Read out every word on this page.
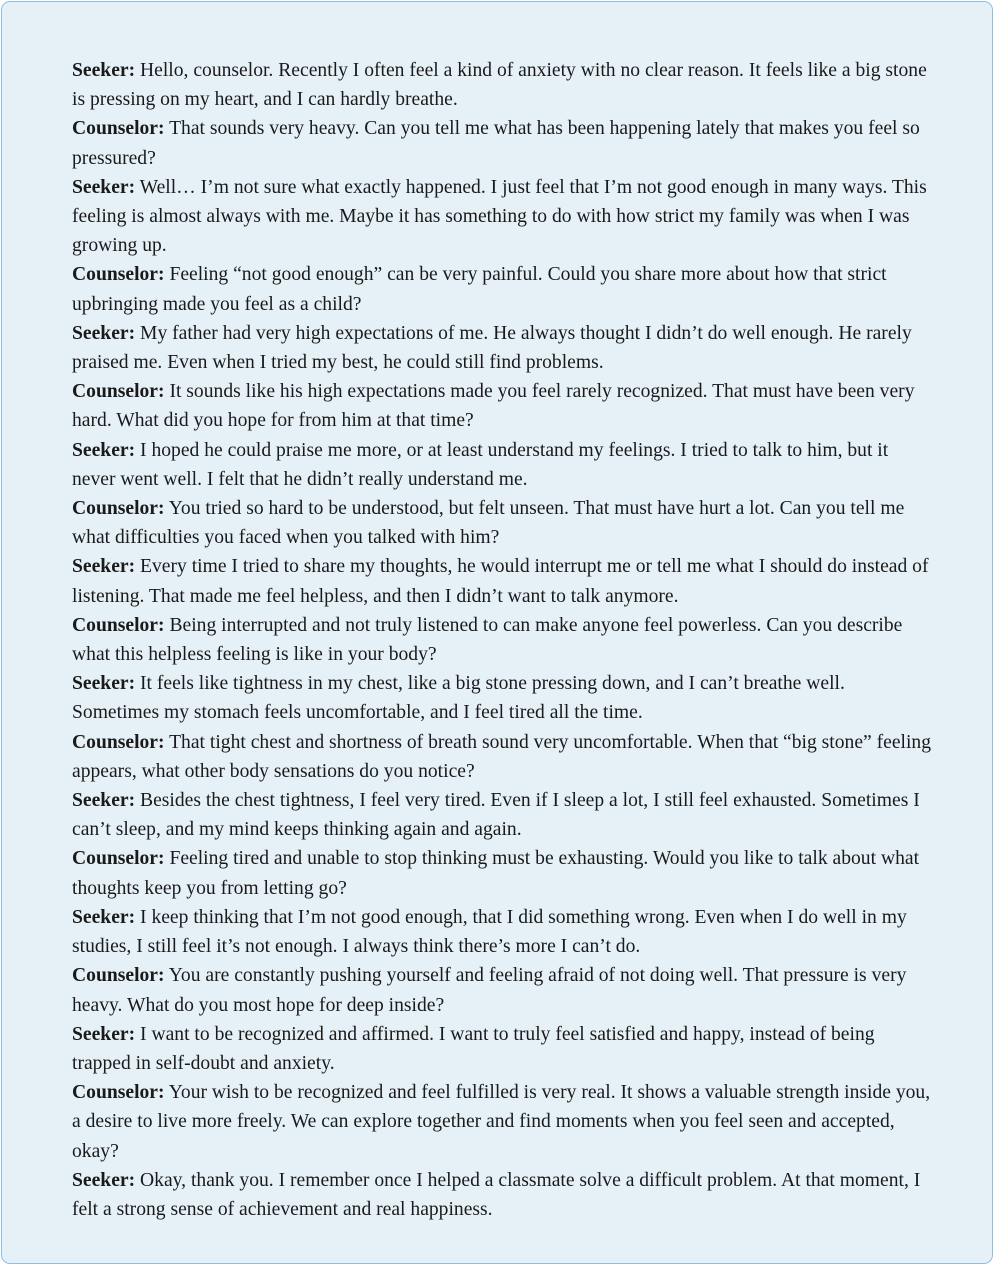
Seeker: Hello, counselor. Recently I often feel a kind of anxiety with no clear reason. It feels like a big stone is pressing on my heart, and I can hardly breathe.

Counselor: That sounds very heavy. Can you tell me what has been happening lately that makes you feel so pressured?

Seeker: Well… I’m not sure what exactly happened. I just feel that I’m not good enough in many ways. This feeling is almost always with me. Maybe it has something to do with how strict my family was when I was growing up.

Counselor: Feeling “not good enough” can be very painful. Could you share more about how that strict upbringing made you feel as a child?

Seeker: My father had very high expectations of me. He always thought I didn’t do well enough. He rarely praised me. Even when I tried my best, he could still find problems.

Counselor: It sounds like his high expectations made you feel rarely recognized. That must have been very hard. What did you hope for from him at that time?

Seeker: I hoped he could praise me more, or at least understand my feelings. I tried to talk to him, but it never went well. I felt that he didn’t really understand me.

Counselor: You tried so hard to be understood, but felt unseen. That must have hurt a lot. Can you tell me what difficulties you faced when you talked with him?

Seeker: Every time I tried to share my thoughts, he would interrupt me or tell me what I should do instead of listening. That made me feel helpless, and then I didn’t want to talk anymore.

Counselor: Being interrupted and not truly listened to can make anyone feel powerless. Can you describe what this helpless feeling is like in your body?

Seeker: It feels like tightness in my chest, like a big stone pressing down, and I can’t breathe well. Sometimes my stomach feels uncomfortable, and I feel tired all the time.

Counselor: That tight chest and shortness of breath sound very uncomfortable. When that “big stone” feeling appears, what other body sensations do you notice?

Seeker: Besides the chest tightness, I feel very tired. Even if I sleep a lot, I still feel exhausted. Sometimes I can’t sleep, and my mind keeps thinking again and again.

Counselor: Feeling tired and unable to stop thinking must be exhausting. Would you like to talk about what thoughts keep you from letting go?

Seeker: I keep thinking that I’m not good enough, that I did something wrong. Even when I do well in my studies, I still feel it’s not enough. I always think there’s more I can’t do.

Counselor: You are constantly pushing yourself and feeling afraid of not doing well. That pressure is very heavy. What do you most hope for deep inside?

Seeker: I want to be recognized and affirmed. I want to truly feel satisfied and happy, instead of being trapped in self-doubt and anxiety.

Counselor: Your wish to be recognized and feel fulfilled is very real. It shows a valuable strength inside you, a desire to live more freely. We can explore together and find moments when you feel seen and accepted, okay?

Seeker: Okay, thank you. I remember once I helped a classmate solve a difficult problem. At that moment, I felt a strong sense of achievement and real happiness.
